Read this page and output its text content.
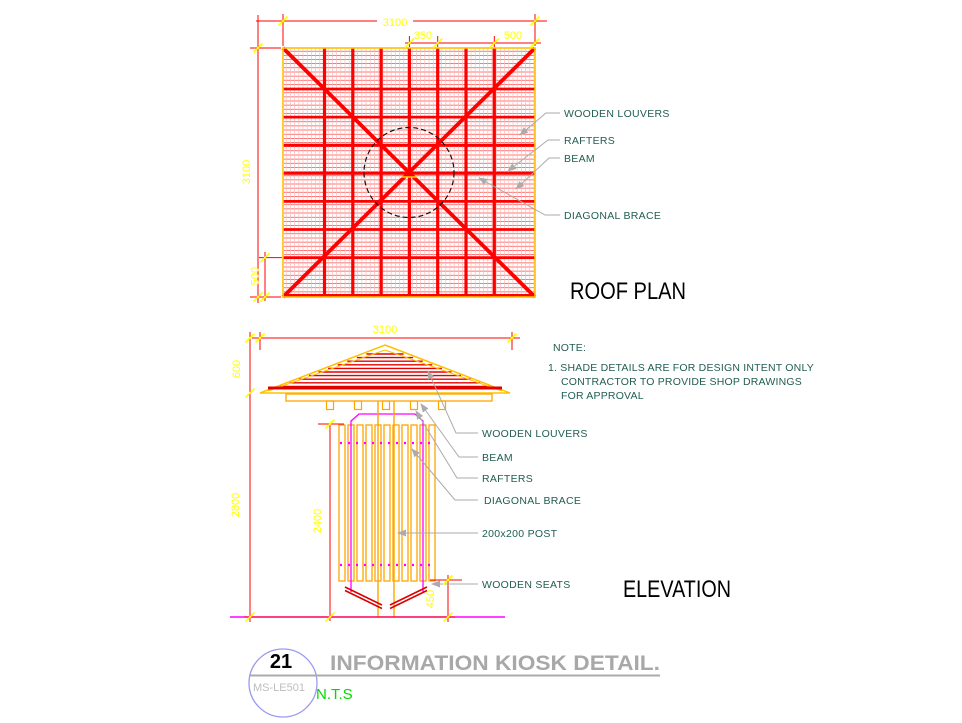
3100
350	500
3100
500
WOODEN LOUVERS
RAFTERS
BEAM
DIAGONAL BRACE
ROOF PLAN
3100
600
2800
2400
450
WOODEN LOUVERS
BEAM
RAFTERS
DIAGONAL BRACE
200x200 POST
WOODEN SEATS ELEVATION
NOTE:
1. SHADE DETAILS ARE FOR DESIGN INTENT ONLY
CONTRACTOR TO PROVIDE SHOP DRAWINGS
FOR APPROVAL
21
MS-LE501
INFORMATION KIOSK DETAIL.
N.T.S
